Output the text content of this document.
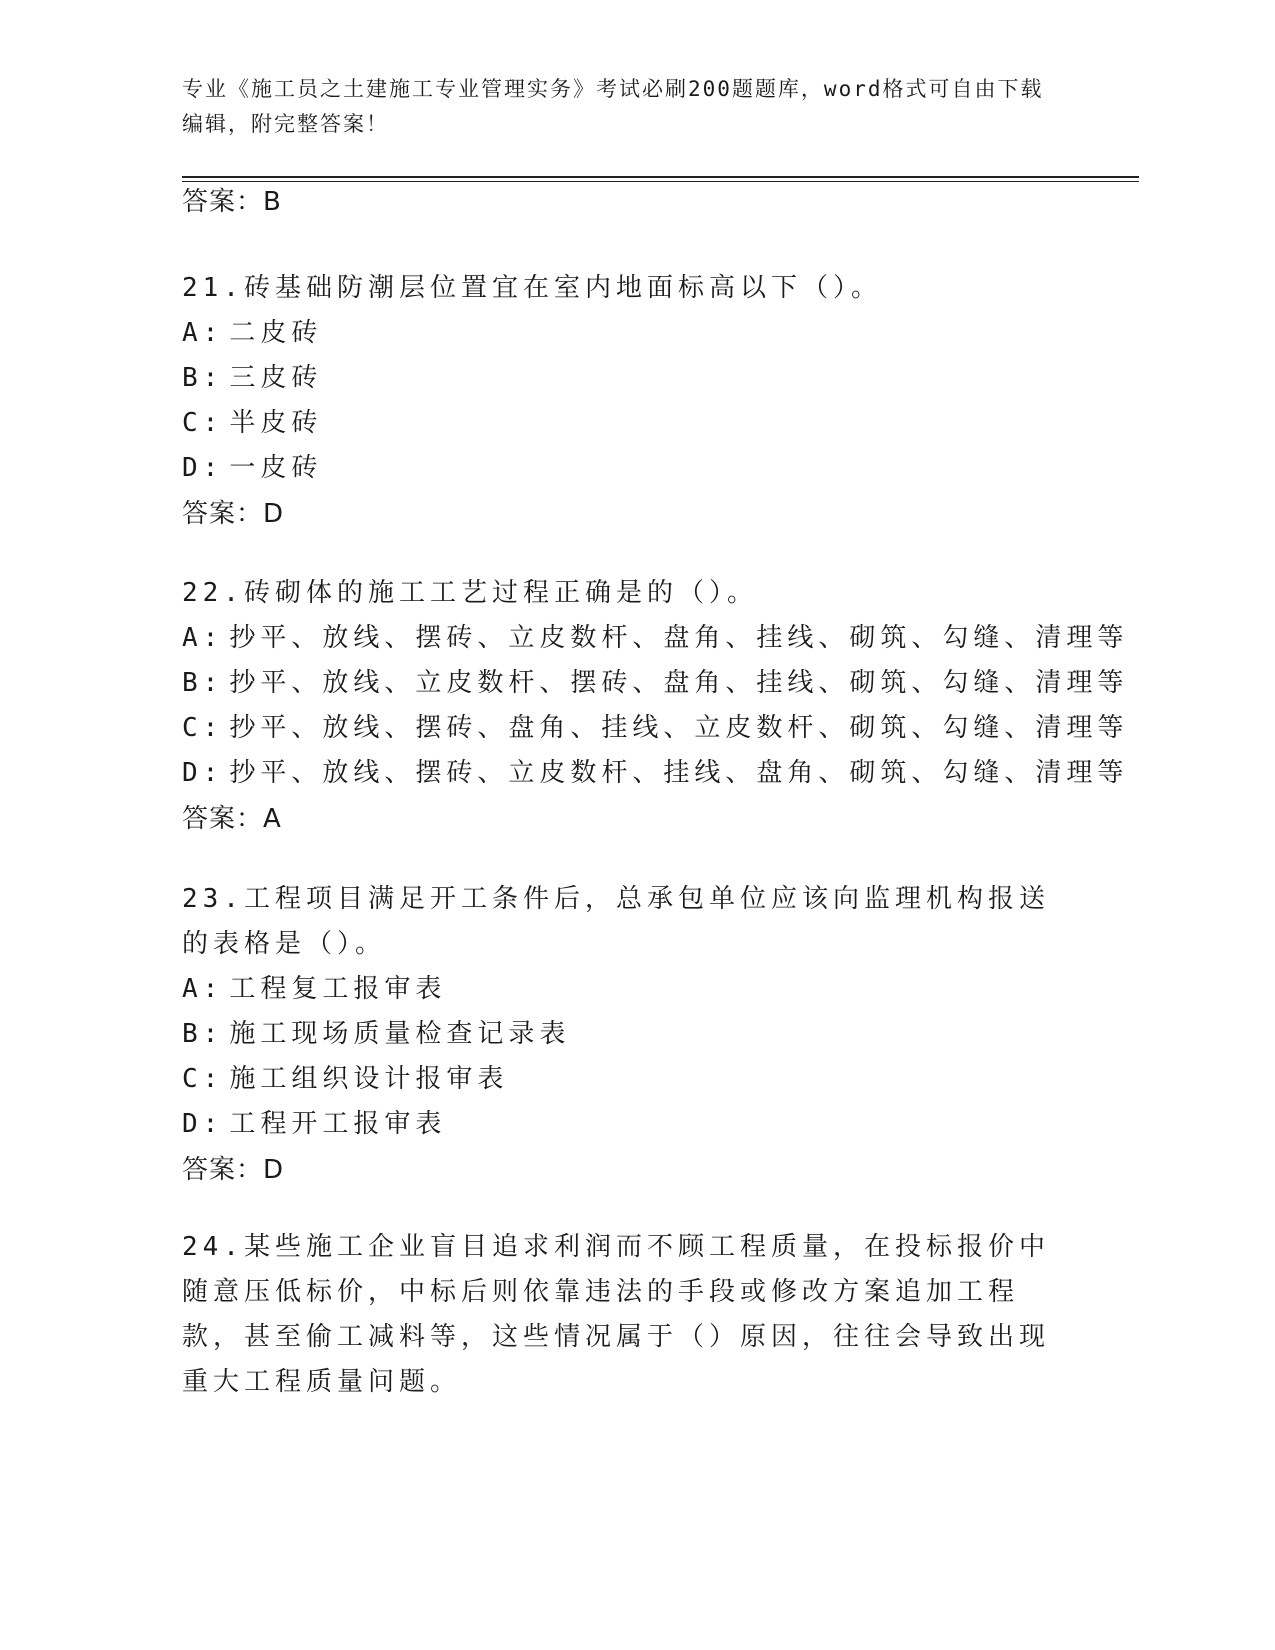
专业《施工员之土建施工专业管理实务》考试必刷200题题库，word格式可自由下载编辑，附完整答案！
答案：B

21.砖基础防潮层位置宜在室内地面标高以下（）。

A: 二皮砖

B: 三皮砖

C: 半皮砖

D: 一皮砖

答案：D

22.砖砌体的施工工艺过程正确是的（）。

A: 抄平、放线、摆砖、立皮数杆、盘角、挂线、砌筑、勾缝、清理等

B: 抄平、放线、立皮数杆、摆砖、盘角、挂线、砌筑、勾缝、清理等

C: 抄平、放线、摆砖、盘角、挂线、立皮数杆、砌筑、勾缝、清理等

D: 抄平、放线、摆砖、立皮数杆、挂线、盘角、砌筑、勾缝、清理等

答案：A

23.工程项目满足开工条件后，总承包单位应该向监理机构报送的表格是（）。

A: 工程复工报审表

B: 施工现场质量检查记录表

C: 施工组织设计报审表

D: 工程开工报审表

答案：D

24.某些施工企业盲目追求利润而不顾工程质量，在投标报价中随意压低标价，中标后则依靠违法的手段或修改方案追加工程款，甚至偷工减料等，这些情况属于（）原因，往往会导致出现重大工程质量问题。
